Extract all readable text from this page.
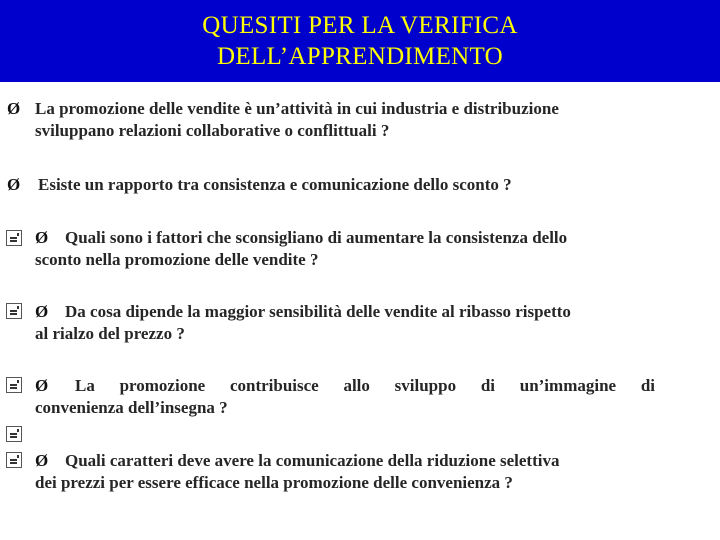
QUESITI PER LA VERIFICA
DELL’APPRENDIMENTO
Ø La promozione delle vendite è un’attività in cui industria e distribuzione
sviluppano relazioni collaborative o conflittuali ?
Ø Esiste un rapporto tra consistenza e comunicazione dello sconto ?
Ø Quali sono i fattori che sconsigliano di aumentare la consistenza dello
sconto nella promozione delle vendite ?
Ø Da cosa dipende la maggior sensibilità delle vendite al ribasso rispetto
al rialzo del prezzo ?
Ø	La promozione contribuisce allo sviluppo di un’immagine di
convenienza dell’insegna ?
Ø Quali caratteri deve avere la comunicazione della riduzione selettiva
dei prezzi per essere efficace nella promozione delle convenienza ?
